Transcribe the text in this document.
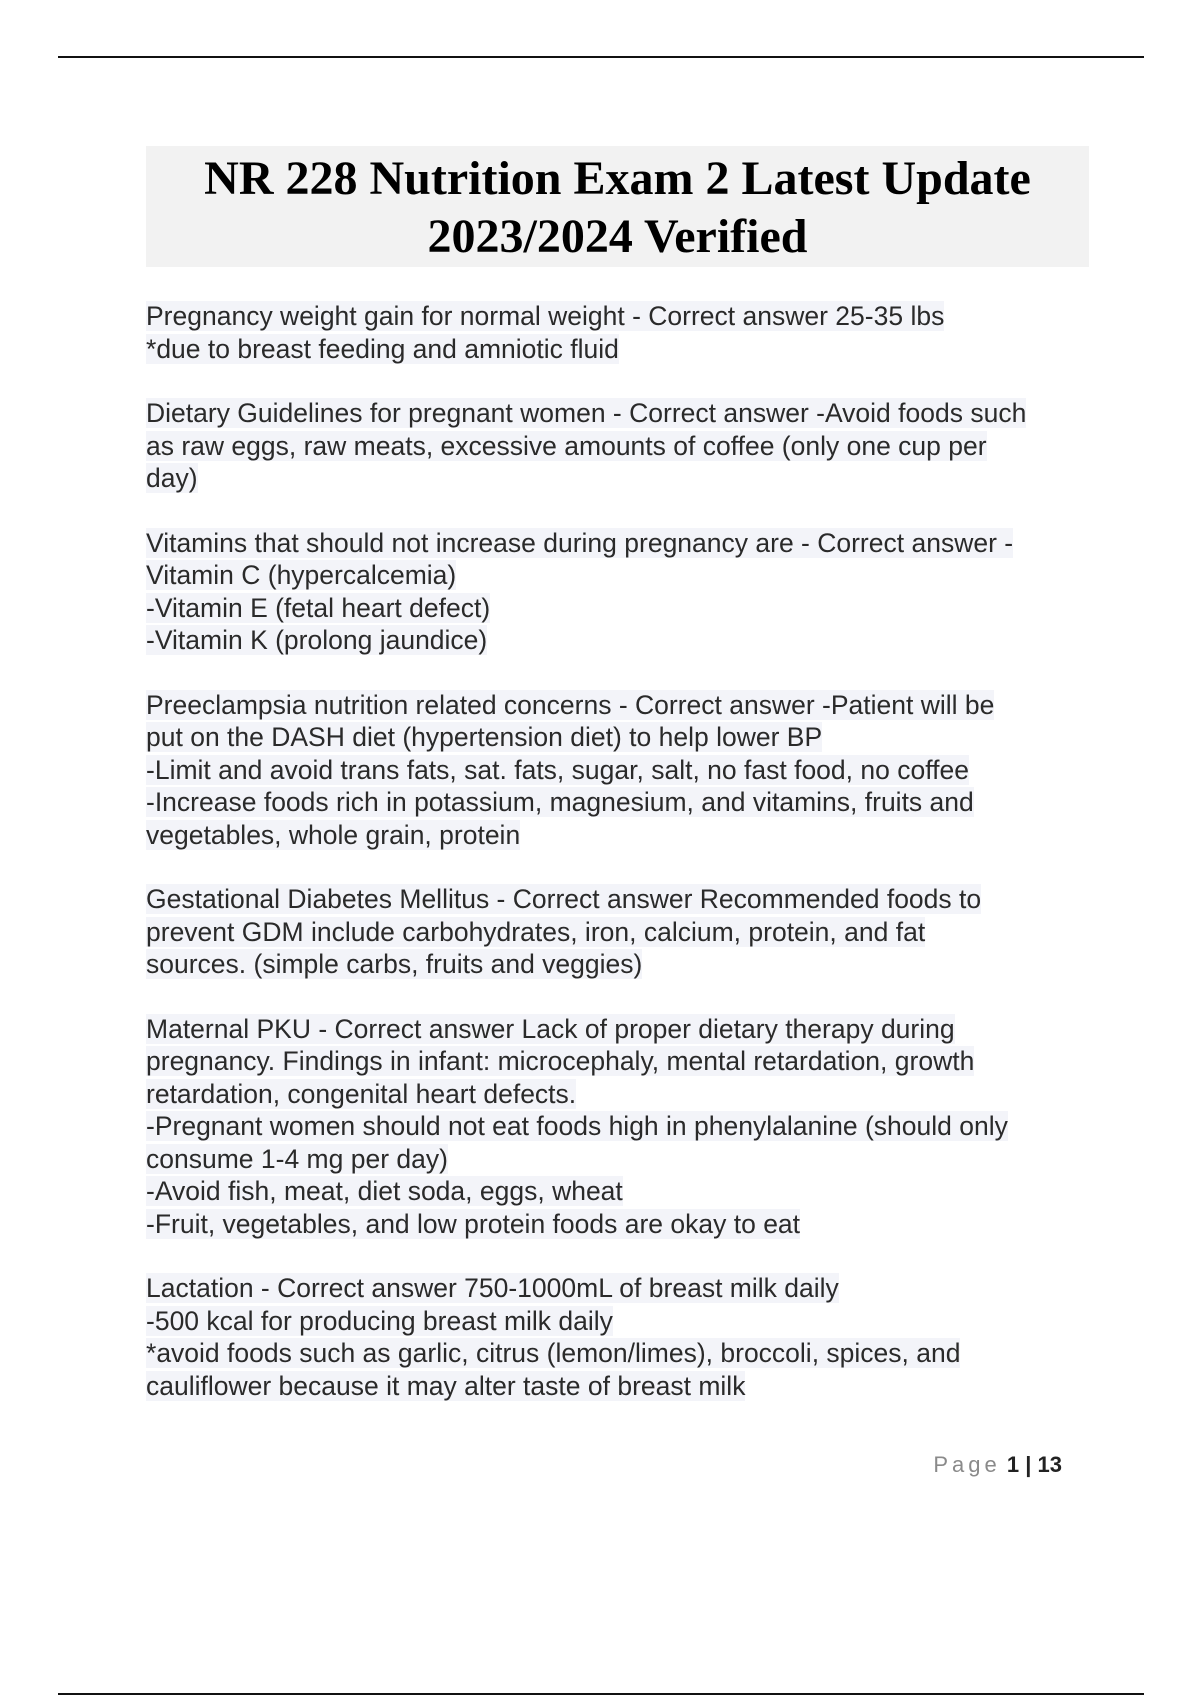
NR 228 Nutrition Exam 2 Latest Update
2023/2024 Verified
Pregnancy weight gain for normal weight - Correct answer 25-35 lbs
*due to breast feeding and amniotic fluid
Dietary Guidelines for pregnant women - Correct answer -Avoid foods such
as raw eggs, raw meats, excessive amounts of coffee (only one cup per
day)
Vitamins that should not increase during pregnancy are - Correct answer -
Vitamin C (hypercalcemia)
-Vitamin E (fetal heart defect)
-Vitamin K (prolong jaundice)
Preeclampsia nutrition related concerns - Correct answer -Patient will be
put on the DASH diet (hypertension diet) to help lower BP
-Limit and avoid trans fats, sat. fats, sugar, salt, no fast food, no coffee
-Increase foods rich in potassium, magnesium, and vitamins, fruits and
vegetables, whole grain, protein
Gestational Diabetes Mellitus - Correct answer Recommended foods to
prevent GDM include carbohydrates, iron, calcium, protein, and fat
sources. (simple carbs, fruits and veggies)
Maternal PKU - Correct answer Lack of proper dietary therapy during
pregnancy. Findings in infant: microcephaly, mental retardation, growth
retardation, congenital heart defects.
-Pregnant women should not eat foods high in phenylalanine (should only
consume 1-4 mg per day)
-Avoid fish, meat, diet soda, eggs, wheat
-Fruit, vegetables, and low protein foods are okay to eat
Lactation - Correct answer 750-1000mL of breast milk daily
-500 kcal for producing breast milk daily
*avoid foods such as garlic, citrus (lemon/limes), broccoli, spices, and
cauliflower because it may alter taste of breast milk
Page 1 | 13
